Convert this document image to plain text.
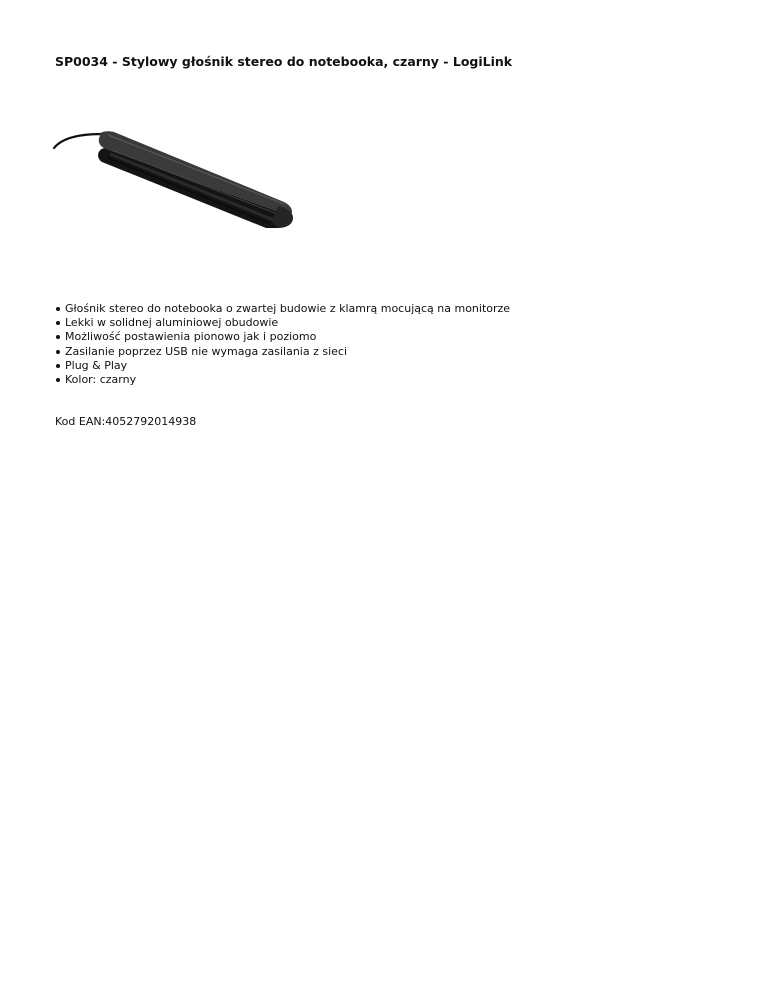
SP0034 - Stylowy głośnik stereo do notebooka, czarny - LogiLink
Głośnik stereo do notebooka o zwartej budowie z klamrą mocującą na monitorze
Lekki w solidnej aluminiowej obudowie
Możliwość postawienia pionowo jak i poziomo
Zasilanie poprzez USB nie wymaga zasilania z sieci
Plug & Play
Kolor: czarny
Kod EAN:4052792014938
